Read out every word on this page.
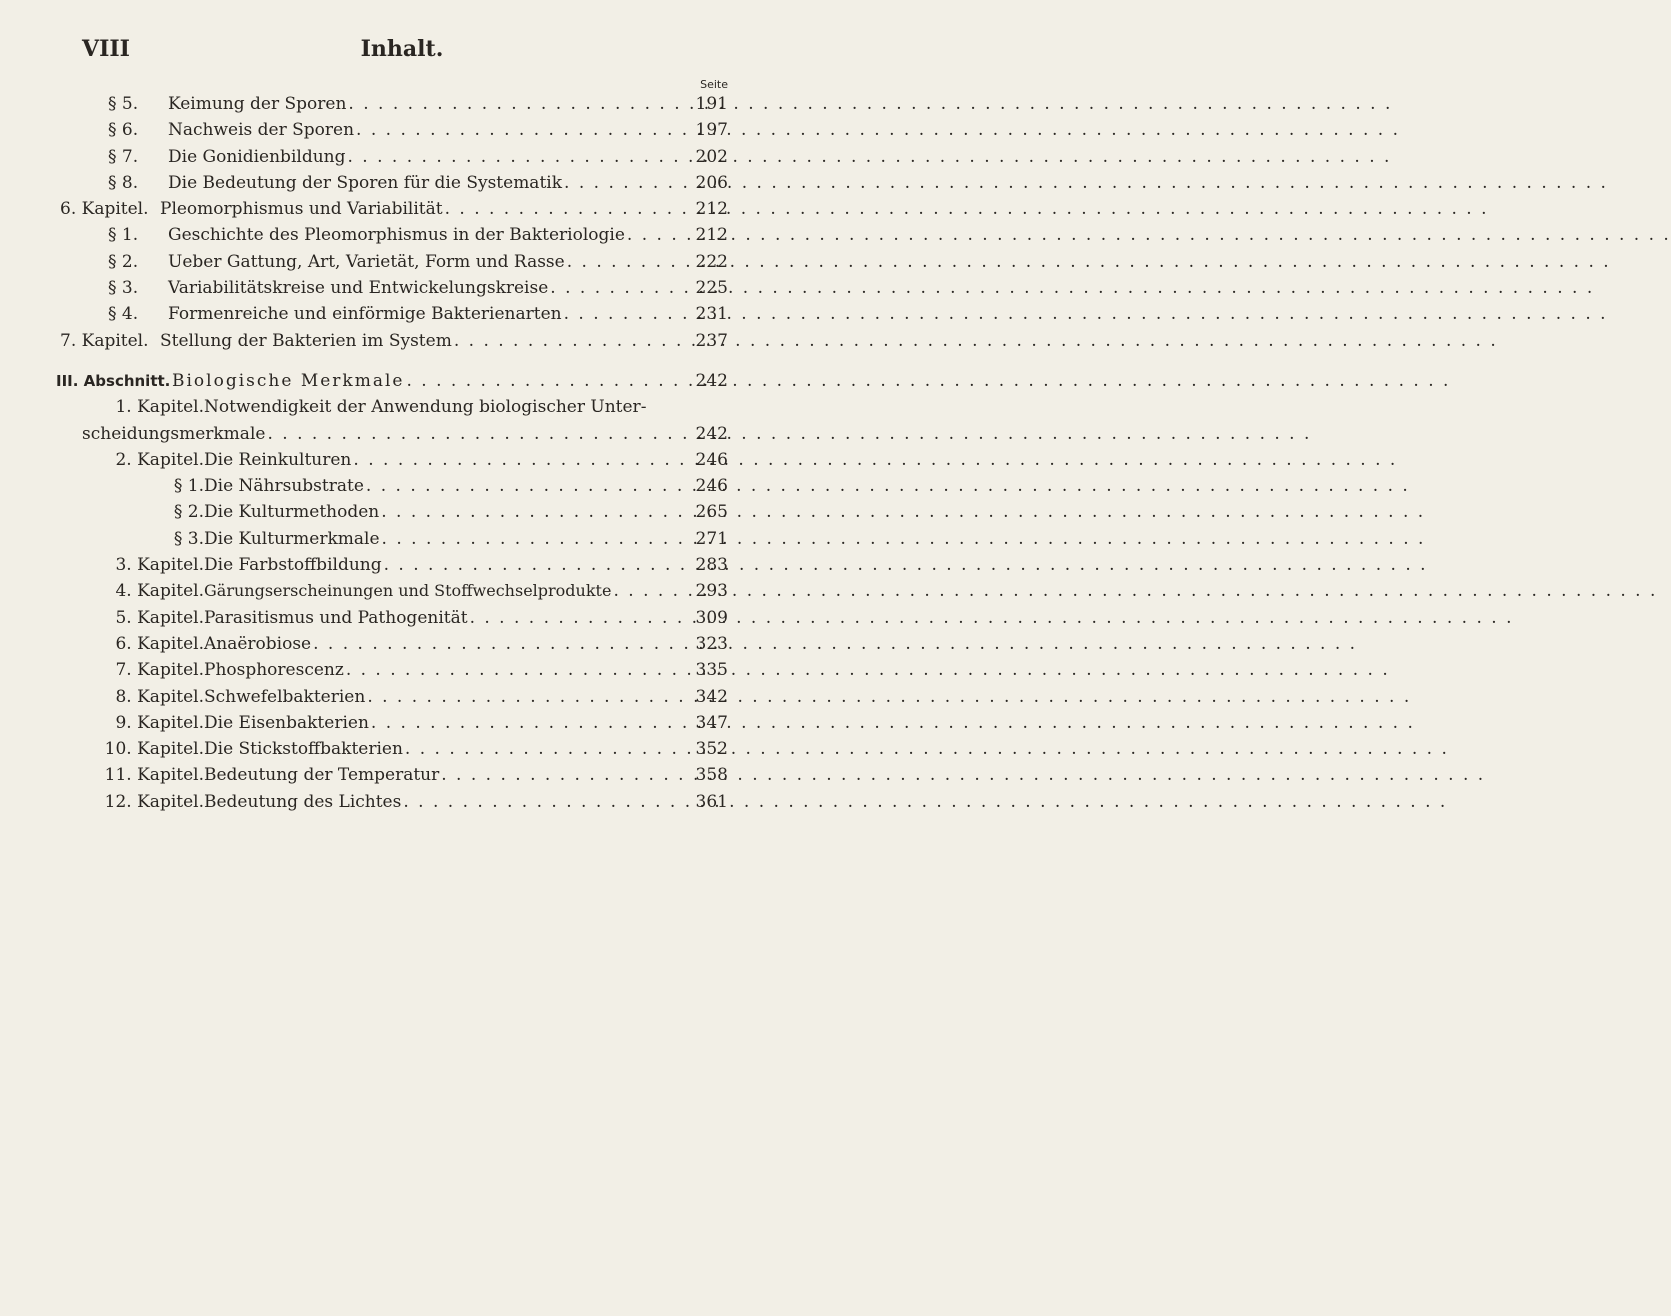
VIII	Inhalt.
Seite
§ 5.	Keimung der Sporen . . .	191
§ 6.	Nachweis der Sporen . . .	197
§ 7.	Die Gonidienbildung . . .	202
§ 8.	Die Bedeutung der Sporen für die Systematik . . .	206
6. Kapitel. Pleomorphismus und Variabilität . . .	212
§ 1.	Geschichte des Pleomorphismus in der Bakteriologie . . .	212
§ 2.	Ueber Gattung, Art, Varietät, Form und Rasse . . .	222
§ 3.	Variabilitätskreise und Entwickelungskreise . . .	225
§ 4.	Formenreiche und einförmige Bakterienarten . . .	231
7. Kapitel. Stellung der Bakterien im System . . .	237
III. Abschnitt. Biologische Merkmale . . .	242
1. Kapitel. Notwendigkeit der Anwendung biologischer Unter-
scheidungsmerkmale . . .	242
2. Kapitel. Die Reinkulturen . . .	246
§ 1. Die Nährsubstrate . . .	246
§ 2. Die Kulturmethoden . . .	265
§ 3. Die Kulturmerkmale . . .	271
3. Kapitel. Die Farbstoffbildung . . .	283
4. Kapitel. Gärungserscheinungen und Stoffwechselprodukte . . .	293
5. Kapitel. Parasitismus und Pathogenität . . .	309
6. Kapitel. Anaërobiose . . .	323
7. Kapitel. Phosphorescenz . . .	335
8. Kapitel. Schwefelbakterien . . .	342
9. Kapitel. Die Eisenbakterien . . .	347
10. Kapitel. Die Stickstoffbakterien . . .	352
11. Kapitel. Bedeutung der Temperatur . . .	358
12. Kapitel. Bedeutung des Lichtes . . .	361
